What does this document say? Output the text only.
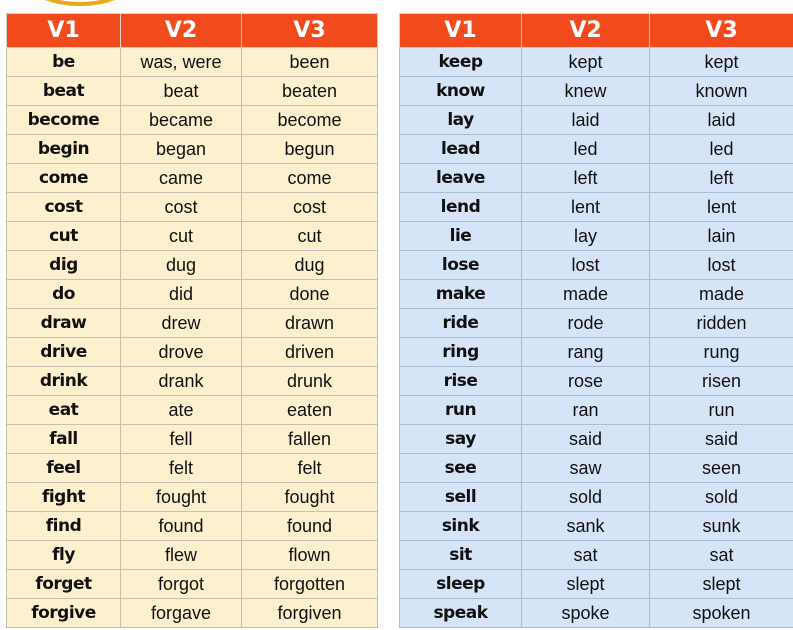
V1	V2	V3
be	was, were	been
beat	beat	beaten
become	became	become
begin	began	begun
come	came	come
cost	cost	cost
cut	cut	cut
dig	dug	dug
do	did	done
draw	drew	drawn
drive	drove	driven
drink	drank	drunk
eat	ate	eaten
fall	fell	fallen
feel	felt	felt
fight	fought	fought
find	found	found
fly	flew	flown
forget	forgot	forgotten
forgive	forgave	forgiven
V1	V2	V3
keep	kept	kept
know	knew	known
lay	laid	laid
lead	led	led
leave	left	left
lend	lent	lent
lie	lay	lain
lose	lost	lost
make	made	made
ride	rode	ridden
ring	rang	rung
rise	rose	risen
run	ran	run
say	said	said
see	saw	seen
sell	sold	sold
sink	sank	sunk
sit	sat	sat
sleep	slept	slept
speak	spoke	spoken
